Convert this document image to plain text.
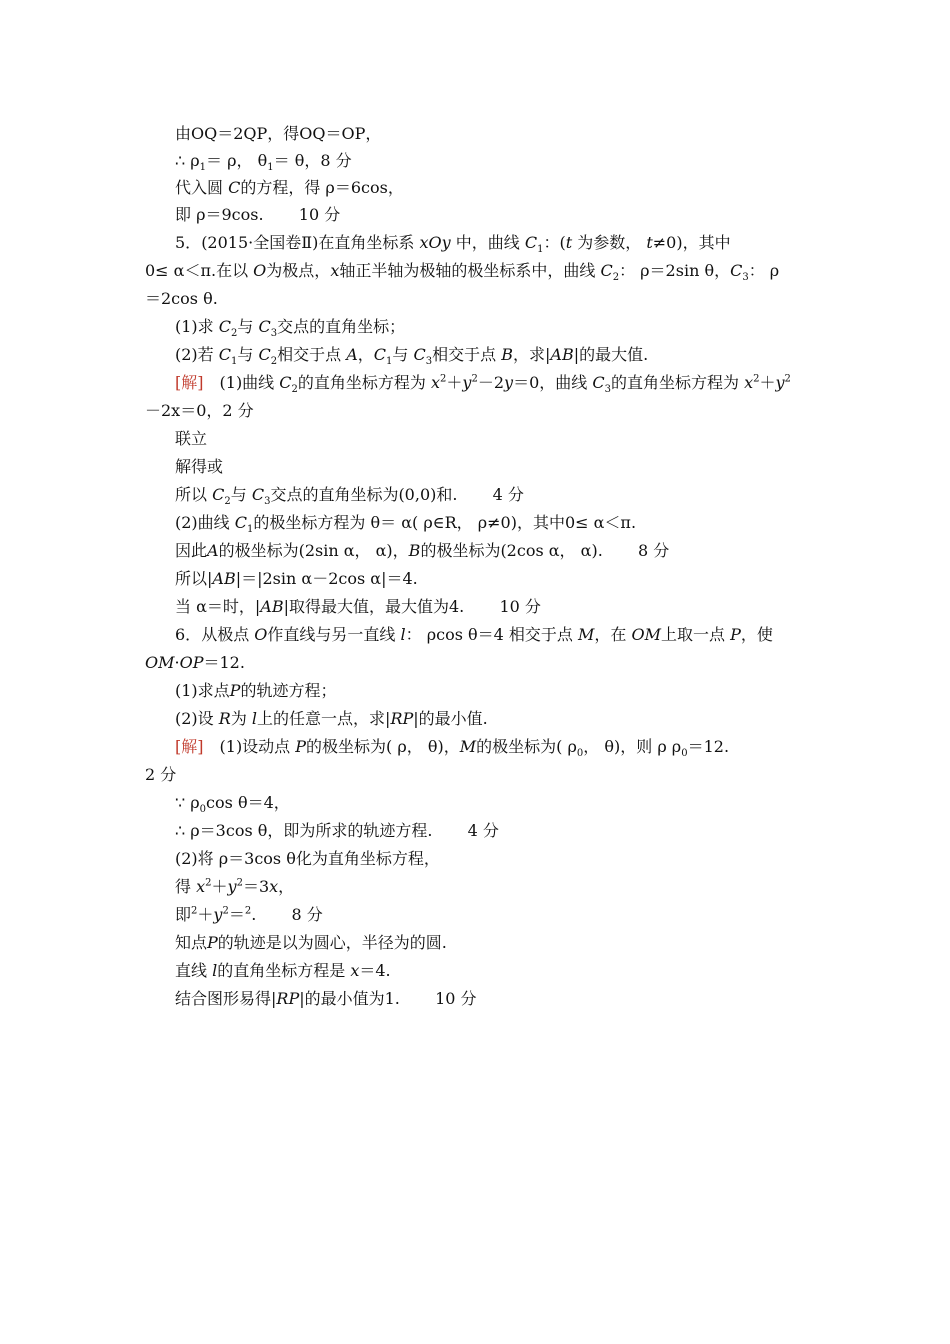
由OQ＝2QP，得OQ＝OP，
∴ $\rho_1= \rho$， $\theta_1= \theta$，8 分
代入圆 C的方程，得 ρ＝6cos，
即 ρ＝9cos. 10 分
5．(2015·全国卷Ⅱ)在直角坐标系 xOy 中，曲线 $C_1$：(t 为参数， t≠0)，其中
0≤ α＜π.在以 O为极点，x轴正半轴为极轴的极坐标系中，曲线 $C_2$： ρ＝2sin θ，$C_3$： ρ
＝2cos θ.
(1)求 $C_2$与 $C_3$交点的直角坐标；
(2)若 $C_1$与 $C_2$相交于点 A，$C_1$与 $C_3$相交于点 B，求|AB|的最大值.
[解]　 (1)曲线 $C_2$的直角坐标方程为 $x^2+y^2-2y=0$，曲线 $C_3$的直角坐标方程为 $x^2+y^2$
－2x＝0，2 分
联立
解得或
所以 $C_2$与 $C_3$交点的直角坐标为(0,0)和. 4 分
(2)曲线 $C_1$的极坐标方程为 θ＝ α( ρ∈R， ρ≠0)，其中0≤ α＜π.
因此A的极坐标为(2sin α， α)，B的极坐标为(2cos α， α). 8 分
所以|AB|＝|2sin α－2cos α|＝4.
当 α＝时，|AB|取得最大值，最大值为4. 10 分
6．从极点 O作直线与另一直线 l： ρcos θ＝4 相交于点 M，在 OM上取一点 P，使
OM·OP＝12.
(1)求点P的轨迹方程；
(2)设 R为 l上的任意一点，求|RP|的最小值.
[解]　 (1)设动点 P的极坐标为( ρ， θ)，M的极坐标为( $\rho_0$， θ)，则 ρ $\rho_0=12$.
2 分
∵ $\rho_0\cos$ θ＝4，
∴ ρ＝3cos θ，即为所求的轨迹方程. 4 分
(2)将 ρ＝3cos θ化为直角坐标方程，
得 $x^2+y^2=3x$，
即$^2+y^2=^2$. 8 分
知点P的轨迹是以为圆心，半径为的圆.
直线 l的直角坐标方程是 x＝4.
结合图形易得|RP|的最小值为1. 10 分
